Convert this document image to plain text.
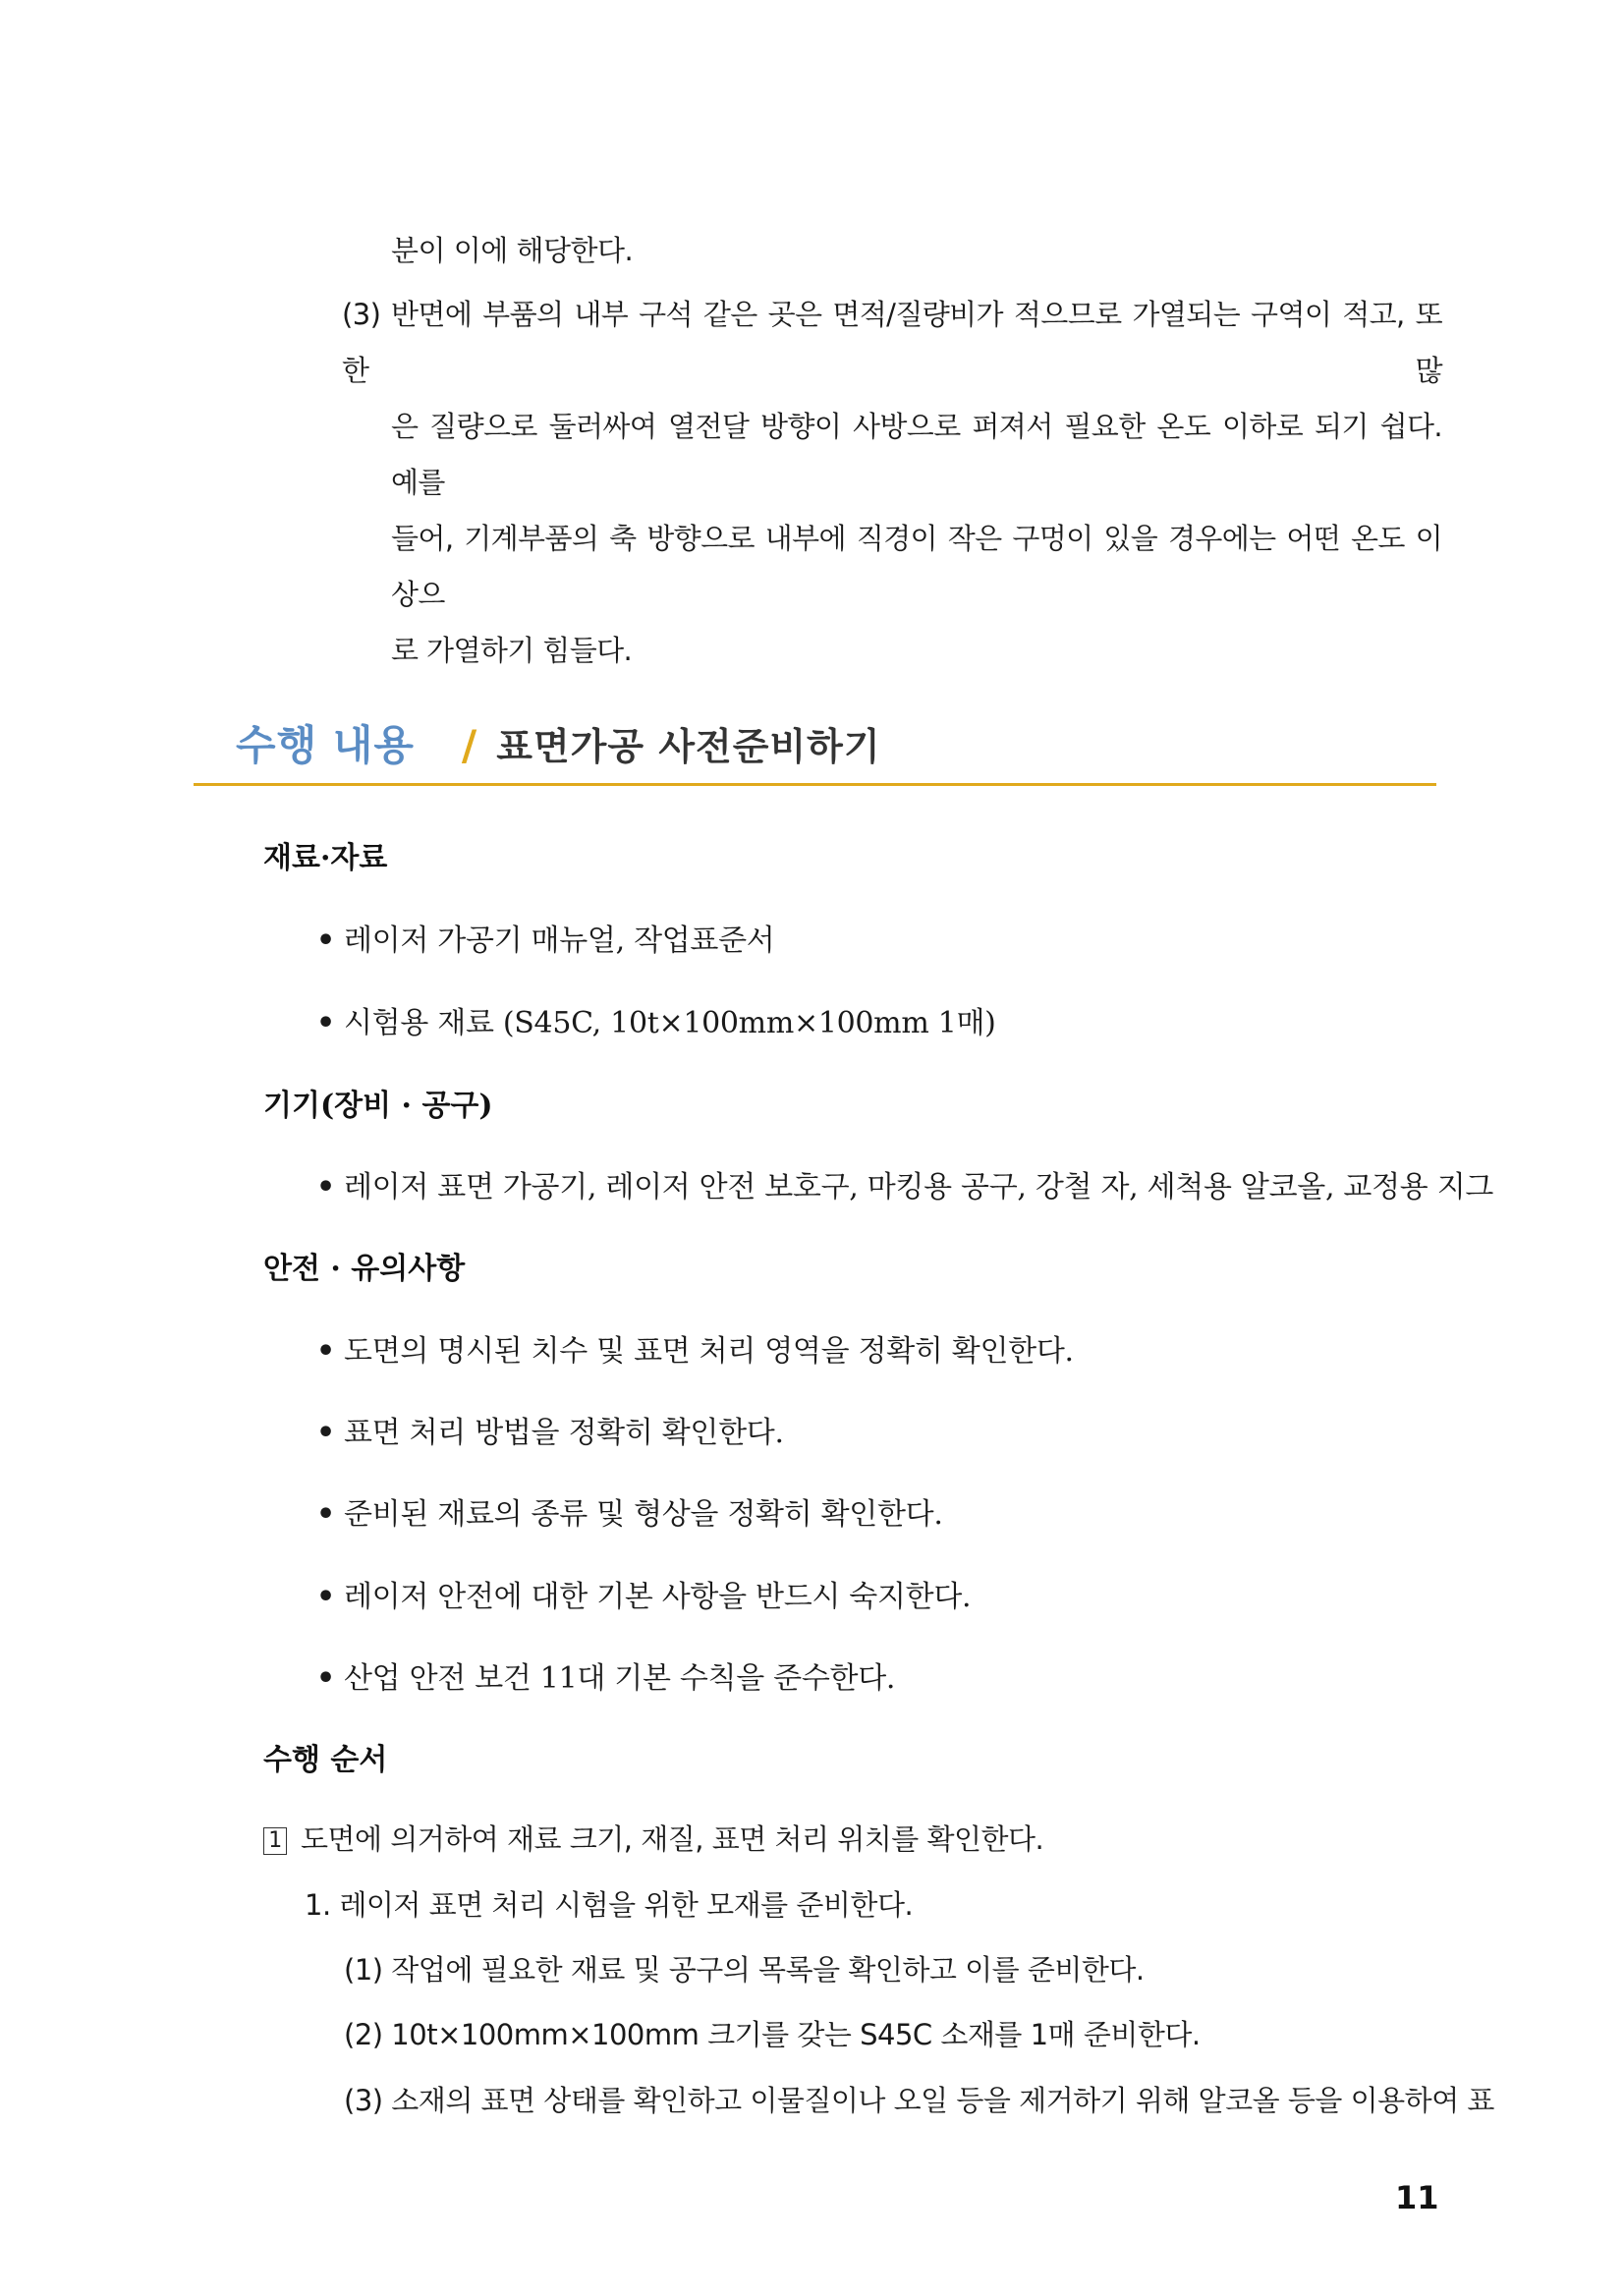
분이 이에 해당한다.
(3) 반면에 부품의 내부 구석 같은 곳은 면적/질량비가 적으므로 가열되는 구역이 적고, 또한 많
은 질량으로 둘러싸여 열전달 방향이 사방으로 퍼져서 필요한 온도 이하로 되기 쉽다. 예를
들어, 기계부품의 축 방향으로 내부에 직경이 작은 구멍이 있을 경우에는 어떤 온도 이상으
로 가열하기 힘들다.
수행 내용 / 표면가공 사전준비하기
재료·자료
• 레이저 가공기 매뉴얼, 작업표준서
• 시험용 재료 (S45C, 10t×100mm×100mm 1매)
기기(장비 · 공구)
• 레이저 표면 가공기, 레이저 안전 보호구, 마킹용 공구, 강철 자, 세척용 알코올, 교정용 지그
안전 · 유의사항
• 도면의 명시된 치수 및 표면 처리 영역을 정확히 확인한다.
• 표면 처리 방법을 정확히 확인한다.
• 준비된 재료의 종류 및 형상을 정확히 확인한다.
• 레이저 안전에 대한 기본 사항을 반드시 숙지한다.
• 산업 안전 보건 11대 기본 수칙을 준수한다.
수행 순서
1 도면에 의거하여 재료 크기, 재질, 표면 처리 위치를 확인한다.
1. 레이저 표면 처리 시험을 위한 모재를 준비한다.
(1) 작업에 필요한 재료 및 공구의 목록을 확인하고 이를 준비한다.
(2) 10t×100mm×100mm 크기를 갖는 S45C 소재를 1매 준비한다.
(3) 소재의 표면 상태를 확인하고 이물질이나 오일 등을 제거하기 위해 알코올 등을 이용하여 표
11
